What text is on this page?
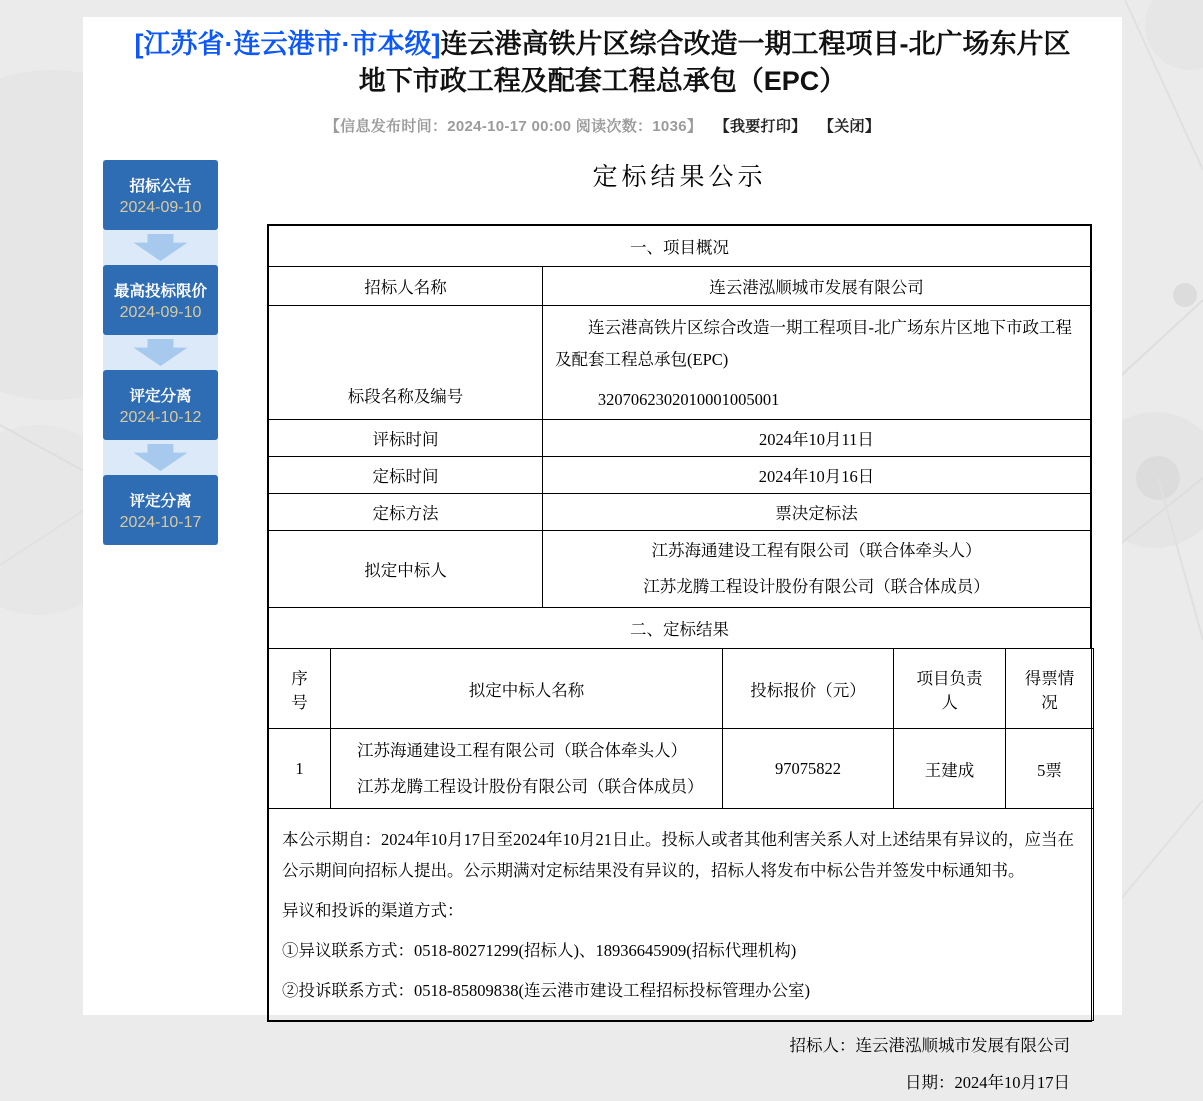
[江苏省·连云港市·市本级]连云港高铁片区综合改造一期工程项目-北广场东片区
地下市政工程及配套工程总承包（EPC）
【信息发布时间：2024-10-17 00:00 阅读次数：1036】 【我要打印】 【关闭】
招标公告
2024-09-10
最高投标限价
2024-09-10
评定分离
2024-10-12
评定分离
2024-10-17
定标结果公示
一、项目概况	
招标人名称	连云港泓顺城市发展有限公司
标段名称及编号	连云港高铁片区综合改造一期工程项目-北广场东片区地下市政工程及配套工程总承包(EPC)

3207062302010001005001

评标时间	2024年10月11日
定标时间	2024年10月16日
定标方法	票决定标法
拟定中标人	江苏海通建设工程有限公司（联合体牵头人）
江苏龙腾工程设计股份有限公司（联合体成员）

二、定标结果	
序号	拟定中标人名称	投标报价（元）	项目负责人	得票情况
1	江苏海通建设工程有限公司（联合体牵头人）
江苏龙腾工程设计股份有限公司（联合体成员）	97075822	王建成	5票

本公示期自：2024年10月17日至2024年10月21日止。投标人或者其他利害关系人对上述结果有异议的，应当在公示期间向招标人提出。公示期满对定标结果没有异议的，招标人将发布中标公告并签发中标通知书。

异议和投诉的渠道方式：

①异议联系方式：0518-80271299(招标人)、18936645909(招标代理机构)

②投诉联系方式：0518-85809838(连云港市建设工程招标投标管理办公室)				

招标人：连云港泓顺城市发展有限公司
日期：2024年10月17日
